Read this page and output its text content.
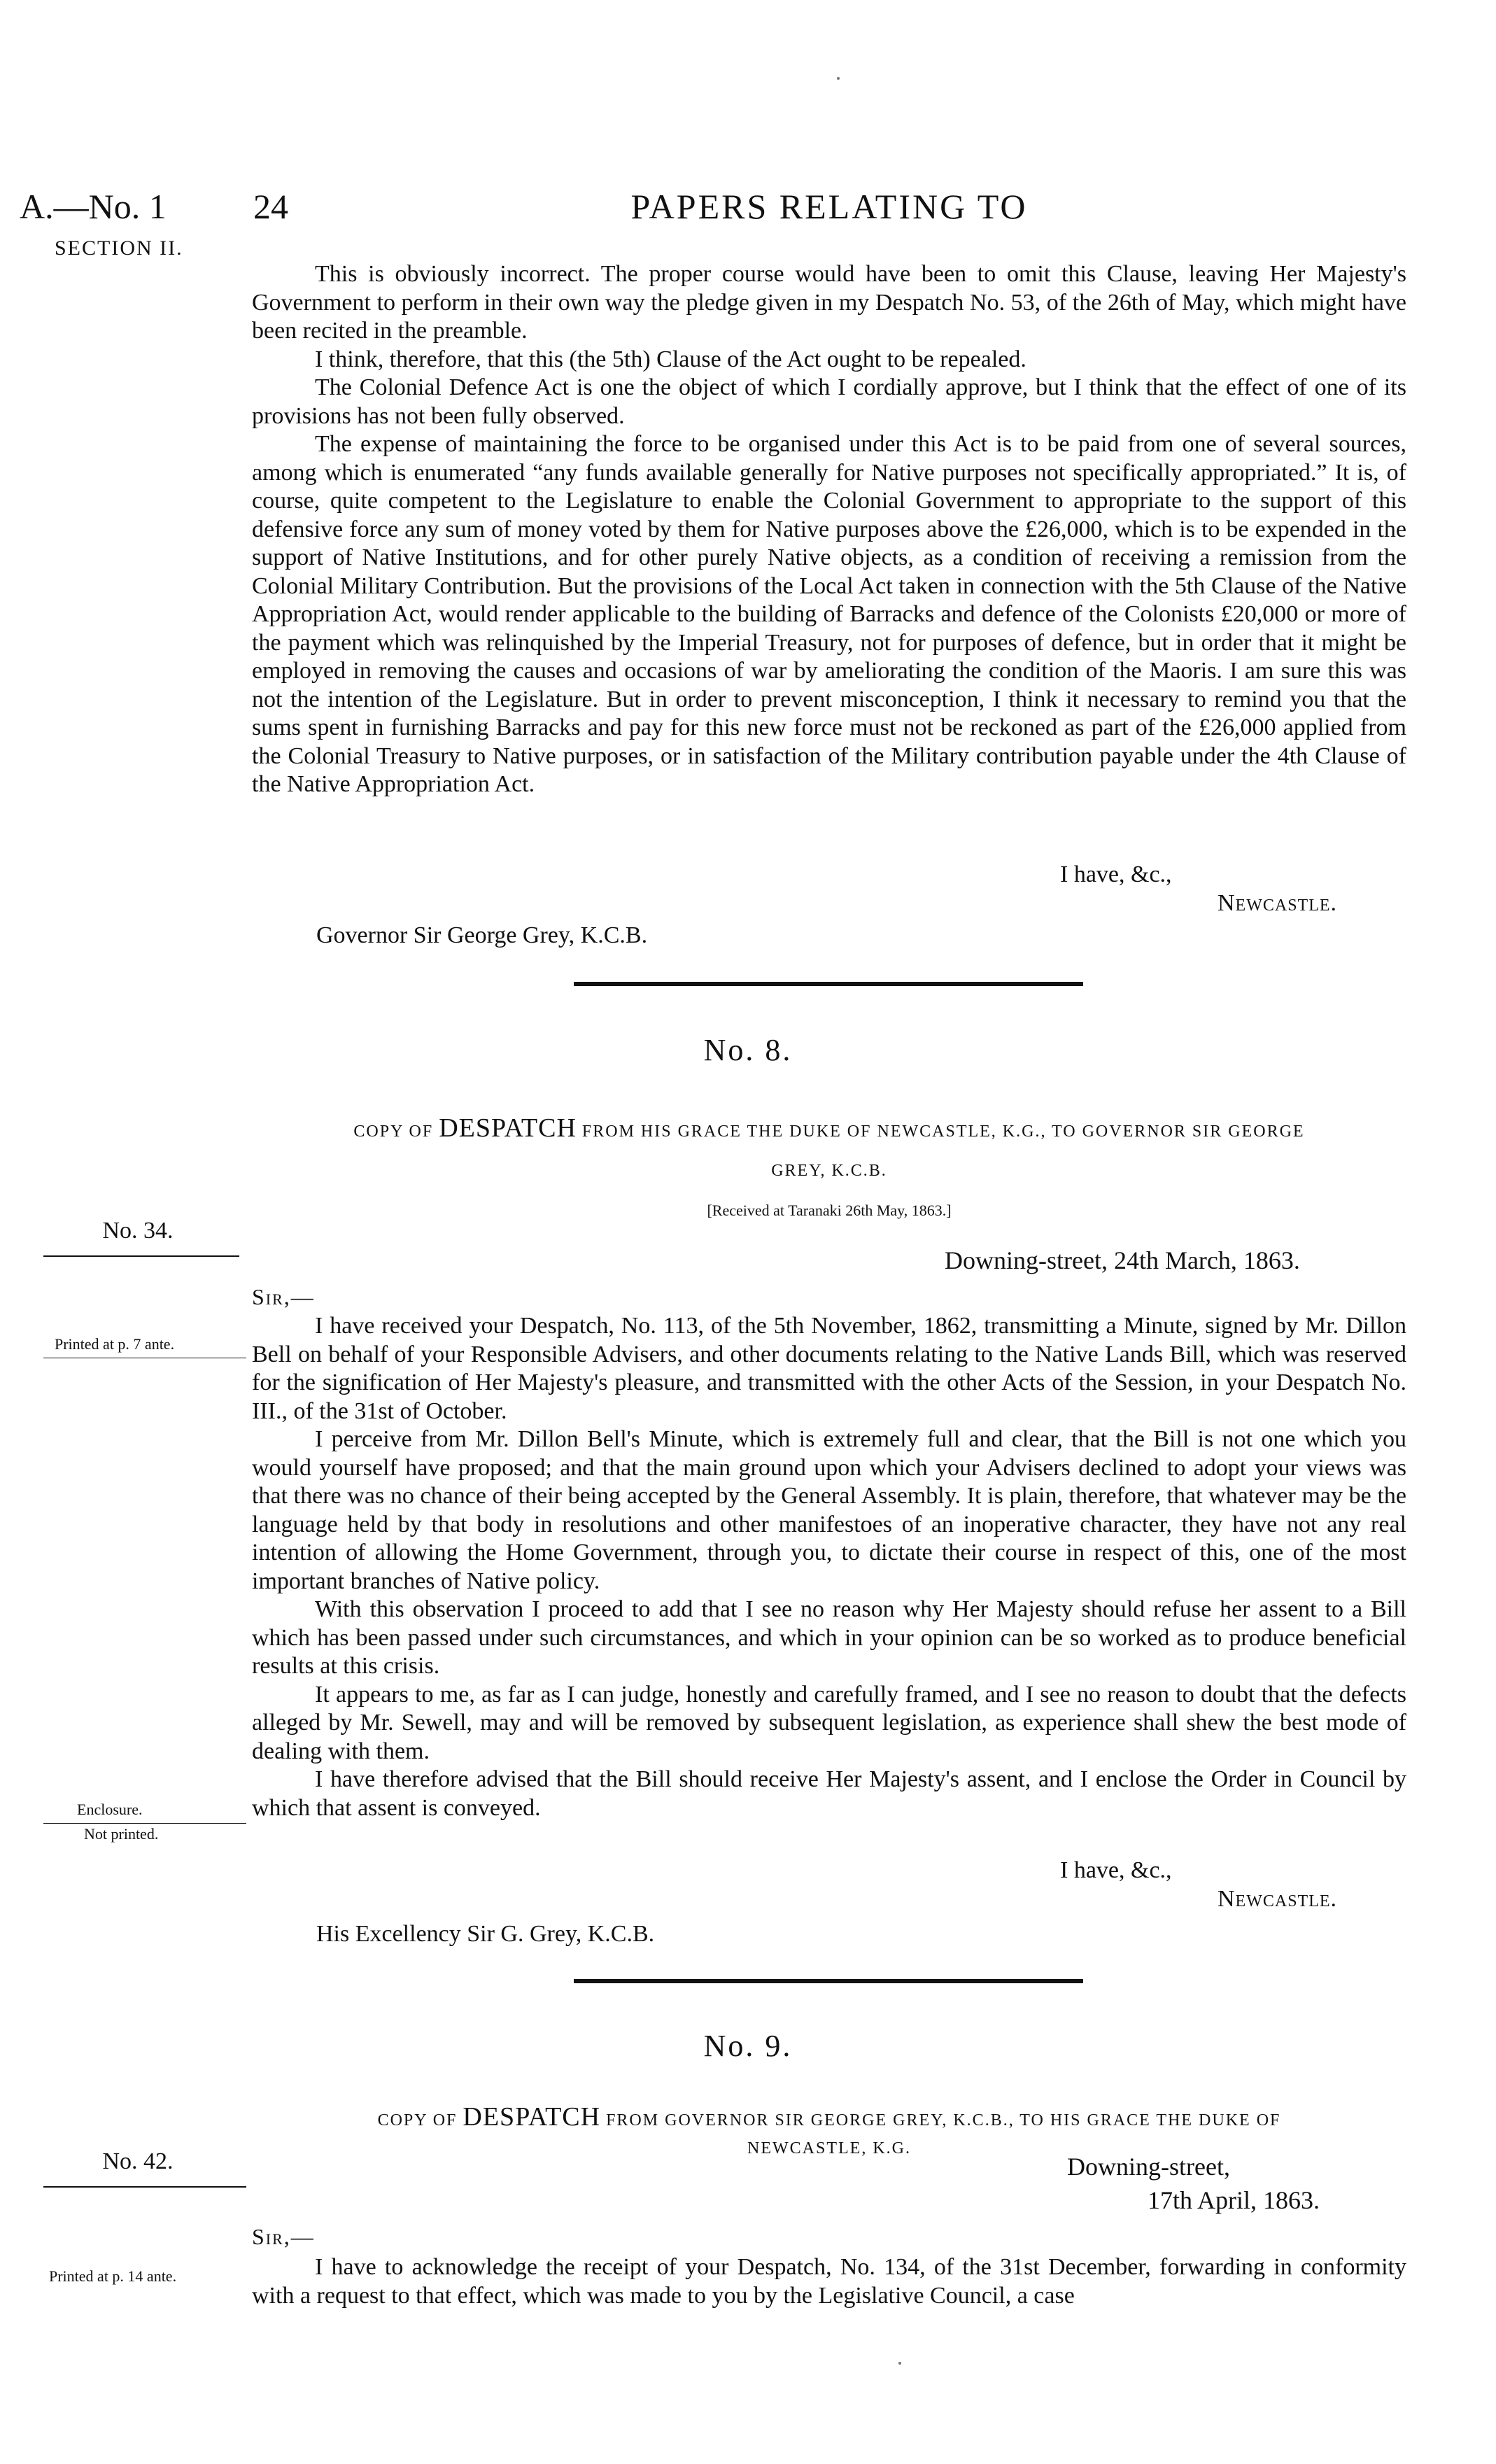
A.—No. 1
SECTION II.
24	PAPERS RELATING TO

This is obviously incorrect. The proper course would have been to omit this Clause, leaving Her Majesty's Government to perform in their own way the pledge given in my Despatch No. 53, of the 26th of May, which might have been recited in the preamble.

I think, therefore, that this (the 5th) Clause of the Act ought to be repealed.

The Colonial Defence Act is one the object of which I cordially approve, but I think that the effect of one of its provisions has not been fully observed.

The expense of maintaining the force to be organised under this Act is to be paid from one of several sources, among which is enumerated “any funds available generally for Native purposes not specifically appropriated.” It is, of course, quite competent to the Legislature to enable the Colonial Government to appropriate to the support of this defensive force any sum of money voted by them for Native purposes above the £26,000, which is to be expended in the support of Native Institutions, and for other purely Native objects, as a condition of receiving a remission from the Colonial Military Contribution. But the provisions of the Local Act taken in connection with the 5th Clause of the Native Appropriation Act, would render applicable to the building of Barracks and defence of the Colonists £20,000 or more of the payment which was relinquished by the Imperial Treasury, not for purposes of defence, but in order that it might be employed in removing the causes and occasions of war by ameliorating the condition of the Maoris. I am sure this was not the intention of the Legislature. But in order to prevent misconception, I think it necessary to remind you that the sums spent in furnishing Barracks and pay for this new force must not be reckoned as part of the £26,000 applied from the Colonial Treasury to Native purposes, or in satisfaction of the Military contribution payable under the 4th Clause of the Native Appropriation Act.

I have, &c.,
Newcastle.
Governor Sir George Grey, K.C.B.
No. 8.
COPY OF DESPATCH FROM HIS GRACE THE DUKE OF NEWCASTLE, K.G., TO GOVERNOR SIR GEORGE
GREY, K.C.B.
[Received at Taranaki 26th May, 1863.]
No. 34.
Downing-street, 24th March, 1863.
Sir,—
Printed at p. 7 ante.

I have received your Despatch, No. 113, of the 5th November, 1862, transmitting a Minute, signed by Mr. Dillon Bell on behalf of your Responsible Advisers, and other documents relating to the Native Lands Bill, which was reserved for the signification of Her Majesty's pleasure, and transmitted with the other Acts of the Session, in your Despatch No. III., of the 31st of October.

I perceive from Mr. Dillon Bell's Minute, which is extremely full and clear, that the Bill is not one which you would yourself have proposed; and that the main ground upon which your Advisers declined to adopt your views was that there was no chance of their being accepted by the General Assembly. It is plain, therefore, that whatever may be the language held by that body in resolutions and other manifestoes of an inoperative character, they have not any real intention of allowing the Home Government, through you, to dictate their course in respect of this, one of the most important branches of Native policy.

With this observation I proceed to add that I see no reason why Her Majesty should refuse her assent to a Bill which has been passed under such circumstances, and which in your opinion can be so worked as to produce beneficial results at this crisis.

It appears to me, as far as I can judge, honestly and carefully framed, and I see no reason to doubt that the defects alleged by Mr. Sewell, may and will be removed by subsequent legislation, as experience shall shew the best mode of dealing with them.

I have therefore advised that the Bill should receive Her Majesty's assent, and I enclose the Order in Council by which that assent is conveyed.

Enclosure.
Not printed.
I have, &c.,
Newcastle.
His Excellency Sir G. Grey, K.C.B.
No. 9.
COPY OF DESPATCH FROM GOVERNOR SIR GEORGE GREY, K.C.B., TO HIS GRACE THE DUKE OF
NEWCASTLE, K.G.
No. 42.	Downing-street,
17th April, 1863.
Sir,—
Printed at p. 14 ante.	I have to acknowledge the receipt of your Despatch, No. 134, of the 31st December, forwarding in conformity with a request to that effect, which was made to you by the Legislative Council, a case
